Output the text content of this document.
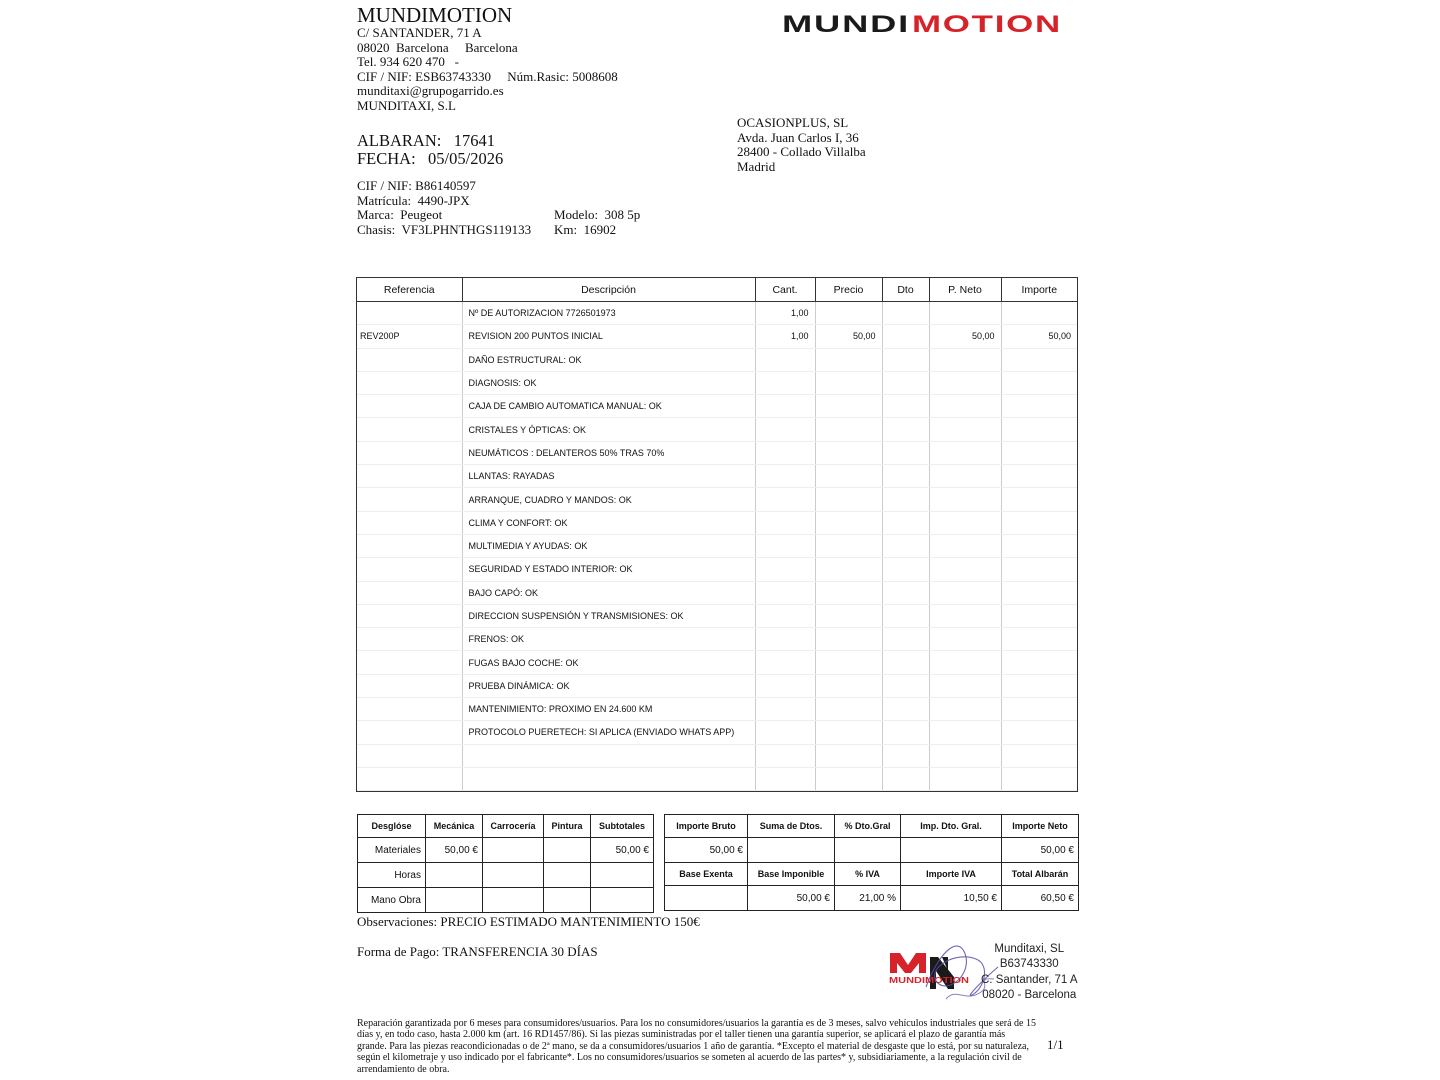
MUNDIMOTION
C/ SANTANDER, 71 A
08020  Barcelona     Barcelona
Tel. 934 620 470   -
CIF / NIF: ESB63743330     Núm.Rasic: 5008608
munditaxi@grupogarrido.es
MUNDITAXI, S.L
MUNDI MOTION
ALBARAN:   17641
FECHA:   05/05/2026
OCASIONPLUS, SL
Avda. Juan Carlos I, 36
28400 - Collado Villalba
Madrid
CIF / NIF: B86140597
Matrícula:  4490-JPX
Marca:  Peugeot	Modelo:  308 5p
Chasis:  VF3LPHNTHGS119133	Km:  16902
Referencia	Descripción	Cant.	Precio	Dto	P. Neto	Importe
	Nº DE AUTORIZACION 7726501973	1,00				
REV200P	REVISION 200 PUNTOS INICIAL	1,00	50,00		50,00	50,00
	DAÑO ESTRUCTURAL: OK					
	DIAGNOSIS: OK					
	CAJA DE CAMBIO AUTOMATICA MANUAL: OK					
	CRISTALES Y ÓPTICAS: OK					
	NEUMÁTICOS : DELANTEROS 50% TRAS 70%					
	LLANTAS: RAYADAS					
	ARRANQUE, CUADRO Y MANDOS: OK					
	CLIMA Y CONFORT: OK					
	MULTIMEDIA Y AYUDAS: OK					
	SEGURIDAD Y ESTADO INTERIOR: OK					
	BAJO CAPÓ: OK					
	DIRECCION SUSPENSIÓN Y TRANSMISIONES: OK					
	FRENOS: OK					
	FUGAS BAJO COCHE: OK					
	PRUEBA DINÁMICA: OK					
	MANTENIMIENTO: PROXIMO EN 24.600 KM					
	PROTOCOLO PUERETECH: SI APLICA (ENVIADO WHATS APP)					

Desglóse	Mecánica	Carrocería	Pintura	Subtotales
Materiales	50,00 €			50,00 €
Horas				
Mano Obra				
Importe Bruto	Suma de Dtos.	% Dto.Gral	Imp. Dto. Gral.	Importe Neto
50,00 €				50,00 €
Base Exenta	Base Imponible	% IVA	Importe IVA	Total Albarán
	50,00 €	21,00 %	10,50 €	60,50 €
Observaciones: PRECIO ESTIMADO MANTENIMIENTO 150€
Forma de Pago: TRANSFERENCIA 30 DÍAS
MUNDIMOTION
Munditaxi, SL
B63743330
C. Santander, 71 A
08020 - Barcelona
Reparación garantizada por 6 meses para consumidores/usuarios. Para los no consumidores/usuarios la garantía es de 3 meses, salvo vehículos industriales que será de 15 días y, en todo caso, hasta 2.000 km (art. 16 RD1457/86). Si las piezas suministradas por el taller tienen una garantía superior, se aplicará el plazo de garantía más grande. Para las piezas reacondicionadas o de 2ª mano, se da a consumidores/usuarios 1 año de garantía. *Excepto el material de desgaste que lo está, por su naturaleza, según el kilometraje y uso indicado por el fabricante*. Los no consumidores/usuarios se someten al acuerdo de las partes* y, subsidiariamente, a la regulación civil de arrendamiento de obra.
1/1
